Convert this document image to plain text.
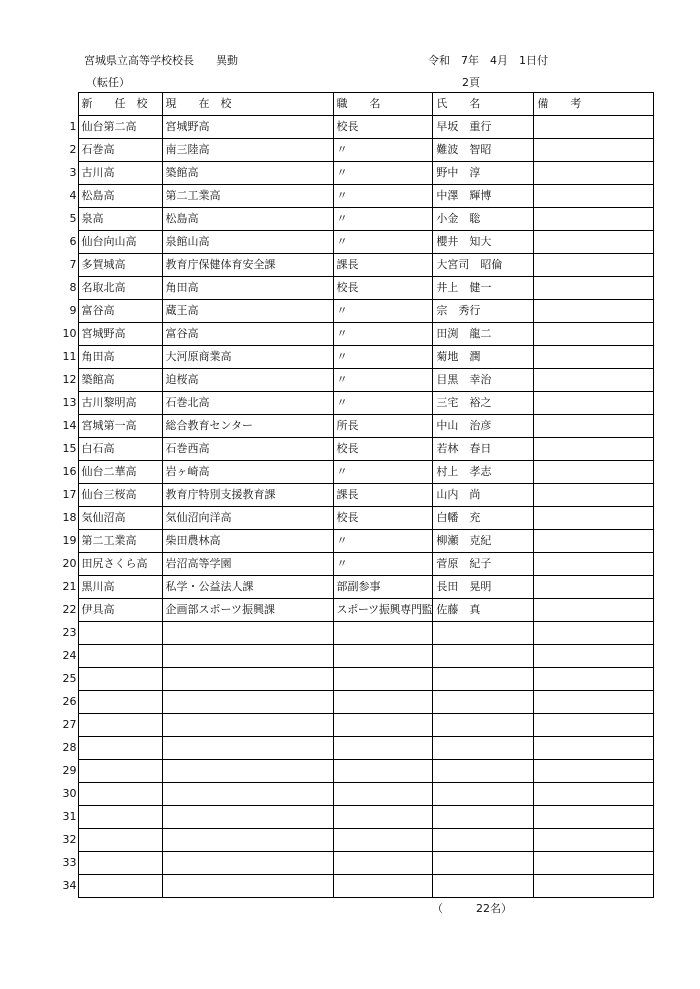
宮城県立高等学校校長　　異動	令和　7年　4月　1日付
（転任）	2頁
	新　　任　校	現　　在　校	職　　名	氏　　名	備　　考
1	仙台第二高	宮城野高	校長	早坂　重行	
2	石巻高	南三陸高	〃	難波　智昭	
3	古川高	築館高	〃	野中　淳	
4	松島高	第二工業高	〃	中澤　輝博	
5	泉高	松島高	〃	小金　聡	
6	仙台向山高	泉館山高	〃	櫻井　知大	
7	多賀城高	教育庁保健体育安全課	課長	大宮司　昭倫	
8	名取北高	角田高	校長	井上　健一	
9	富谷高	蔵王高	〃	宗　秀行	
10	宮城野高	富谷高	〃	田渕　龍二	
11	角田高	大河原商業高	〃	菊地　潤	
12	築館高	迫桜高	〃	目黒　幸治	
13	古川黎明高	石巻北高	〃	三宅　裕之	
14	宮城第一高	総合教育センター	所長	中山　治彦	
15	白石高	石巻西高	校長	若林　春日	
16	仙台二華高	岩ヶ崎高	〃	村上　孝志	
17	仙台三桜高	教育庁特別支援教育課	課長	山内　尚	
18	気仙沼高	気仙沼向洋高	校長	白幡　充	
19	第二工業高	柴田農林高	〃	柳瀬　克紀	
20	田尻さくら高	岩沼高等学園	〃	菅原　紀子	
21	黒川高	私学・公益法人課	部副参事	長田　晃明	
22	伊具高	企画部スポーツ振興課	スポーツ振興専門監	佐藤　真	
23					
24					
25					
26					
27					
28					
29					
30					
31					
32					
33					
34					
（　　　22名）
